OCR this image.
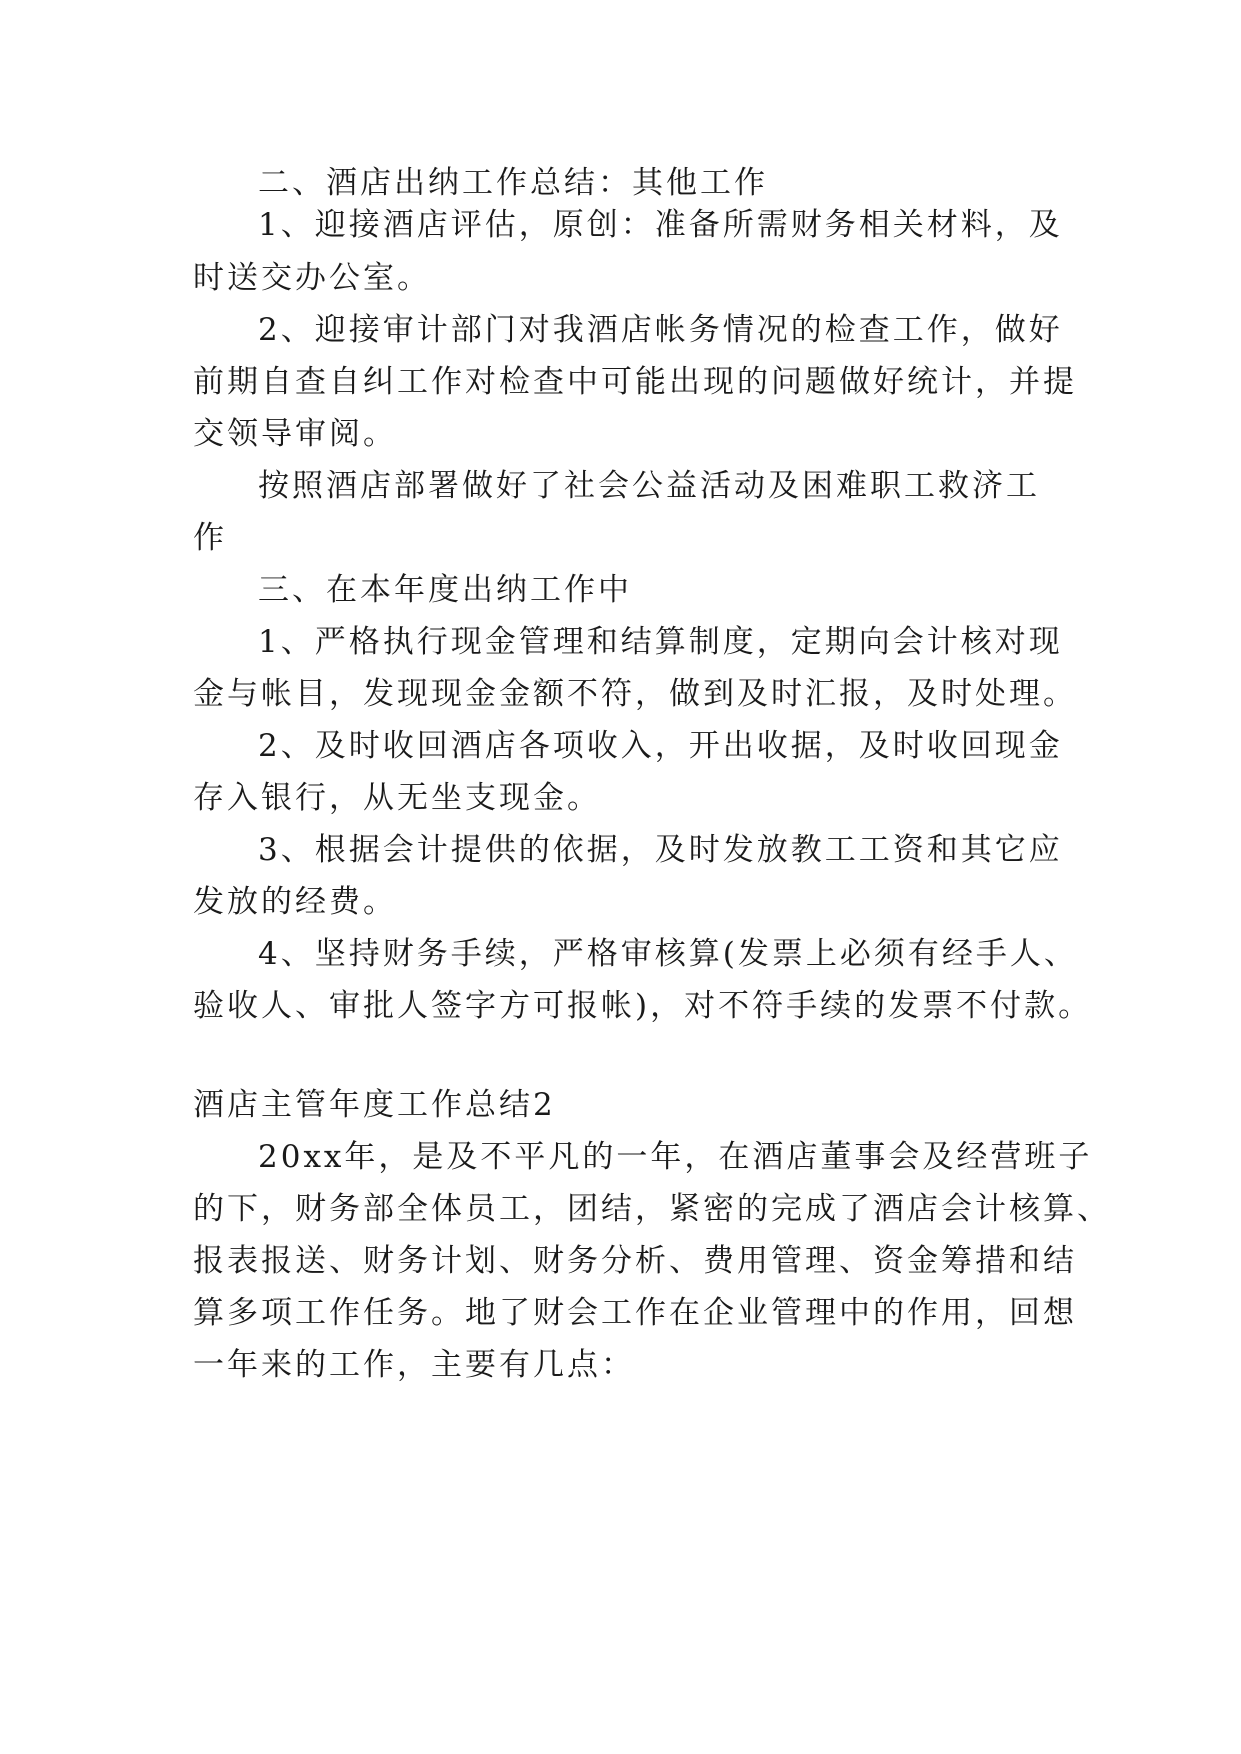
二、酒店出纳工作总结：其他工作
1、迎接酒店评估，原创：准备所需财务相关材料，及
时送交办公室。
2、迎接审计部门对我酒店帐务情况的检查工作，做好
前期自查自纠工作对检查中可能出现的问题做好统计，并提
交领导审阅。
按照酒店部署做好了社会公益活动及困难职工救济工
作
三、在本年度出纳工作中
1、严格执行现金管理和结算制度，定期向会计核对现
金与帐目，发现现金金额不符，做到及时汇报，及时处理。
2、及时收回酒店各项收入，开出收据，及时收回现金
存入银行，从无坐支现金。
3、根据会计提供的依据，及时发放教工工资和其它应
发放的经费。
4、坚持财务手续，严格审核算(发票上必须有经手人、
验收人、审批人签字方可报帐)，对不符手续的发票不付款。
酒店主管年度工作总结2
20xx年，是及不平凡的一年，在酒店董事会及经营班子
的下，财务部全体员工，团结，紧密的完成了酒店会计核算、
报表报送、财务计划、财务分析、费用管理、资金筹措和结
算多项工作任务。地了财会工作在企业管理中的作用，回想
一年来的工作，主要有几点：
